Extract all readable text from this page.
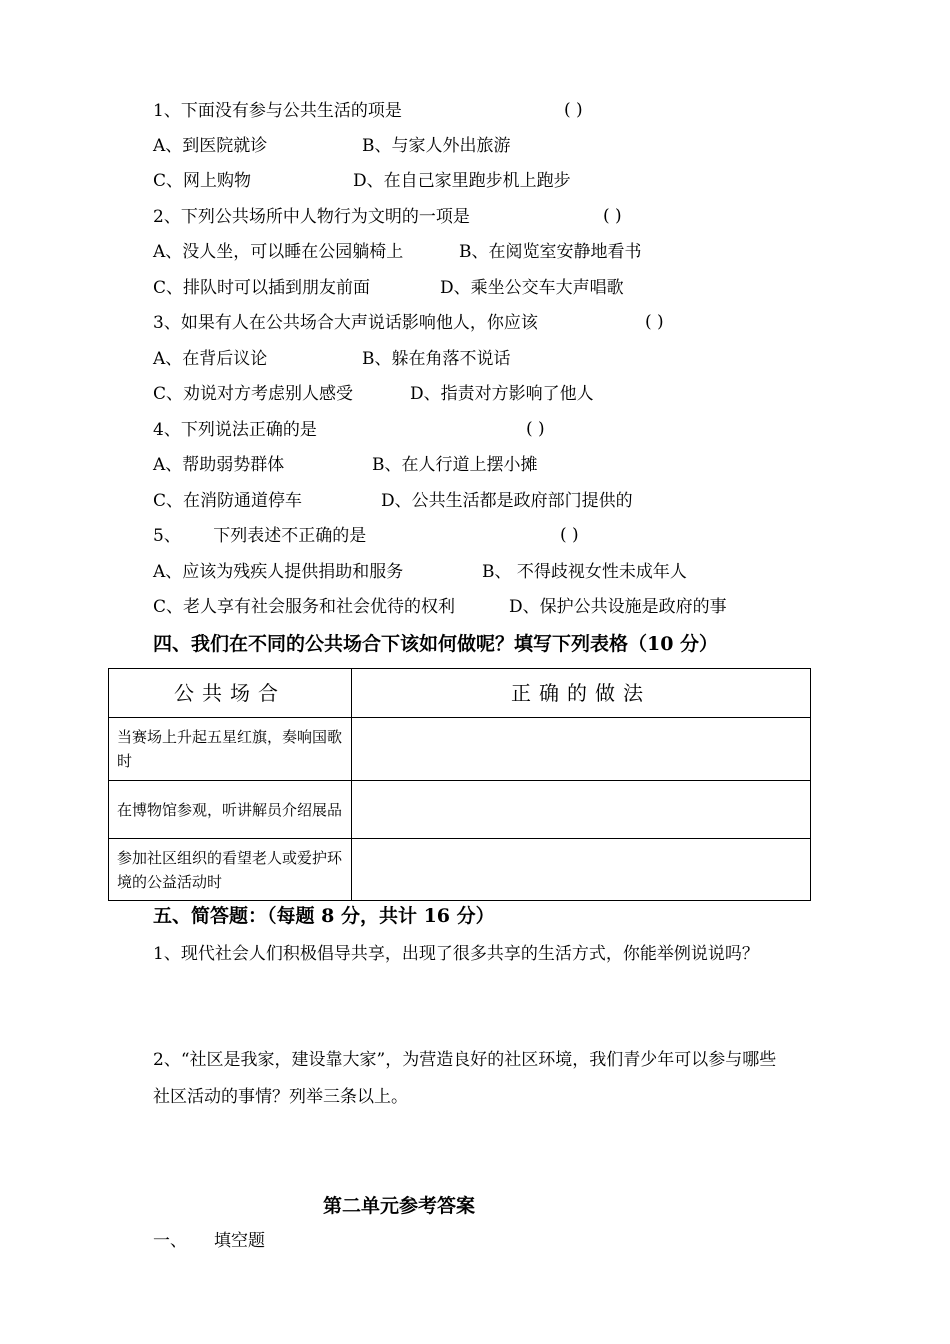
1、下面没有参与公共生活的项是	( )
A、到医院就诊	B、与家人外出旅游
C、网上购物	D、在自己家里跑步机上跑步
2、下列公共场所中人物行为文明的一项是	( )
A、没人坐，可以睡在公园躺椅上	B、在阅览室安静地看书
C、排队时可以插到朋友前面	D、乘坐公交车大声唱歌
3、如果有人在公共场合大声说话影响他人，你应该	( )
A、在背后议论	B、躲在角落不说话
C、劝说对方考虑别人感受	D、指责对方影响了他人
4、下列说法正确的是	( )
A、帮助弱势群体	B、在人行道上摆小摊
C、在消防通道停车	D、公共生活都是政府部门提供的
5、      下列表述不正确的是	( )
A、应该为残疾人提供捐助和服务	B、 不得歧视女性未成年人
C、老人享有社会服务和社会优待的权利	D、保护公共设施是政府的事
四、我们在不同的公共场合下该如何做呢？填写下列表格（10 分）
公共场合	正确的做法
当赛场上升起五星红旗，奏响国歌时	
在博物馆参观，听讲解员介绍展品	
参加社区组织的看望老人或爱护环境的公益活动时	
五、简答题：（每题 8 分，共计 16 分）
1、现代社会人们积极倡导共享，出现了很多共享的生活方式，你能举例说说吗？
2、“社区是我家，建设靠大家”，为营造良好的社区环境，我们青少年可以参与哪些
社区活动的事情？列举三条以上。
第二单元参考答案
一、     填空题
